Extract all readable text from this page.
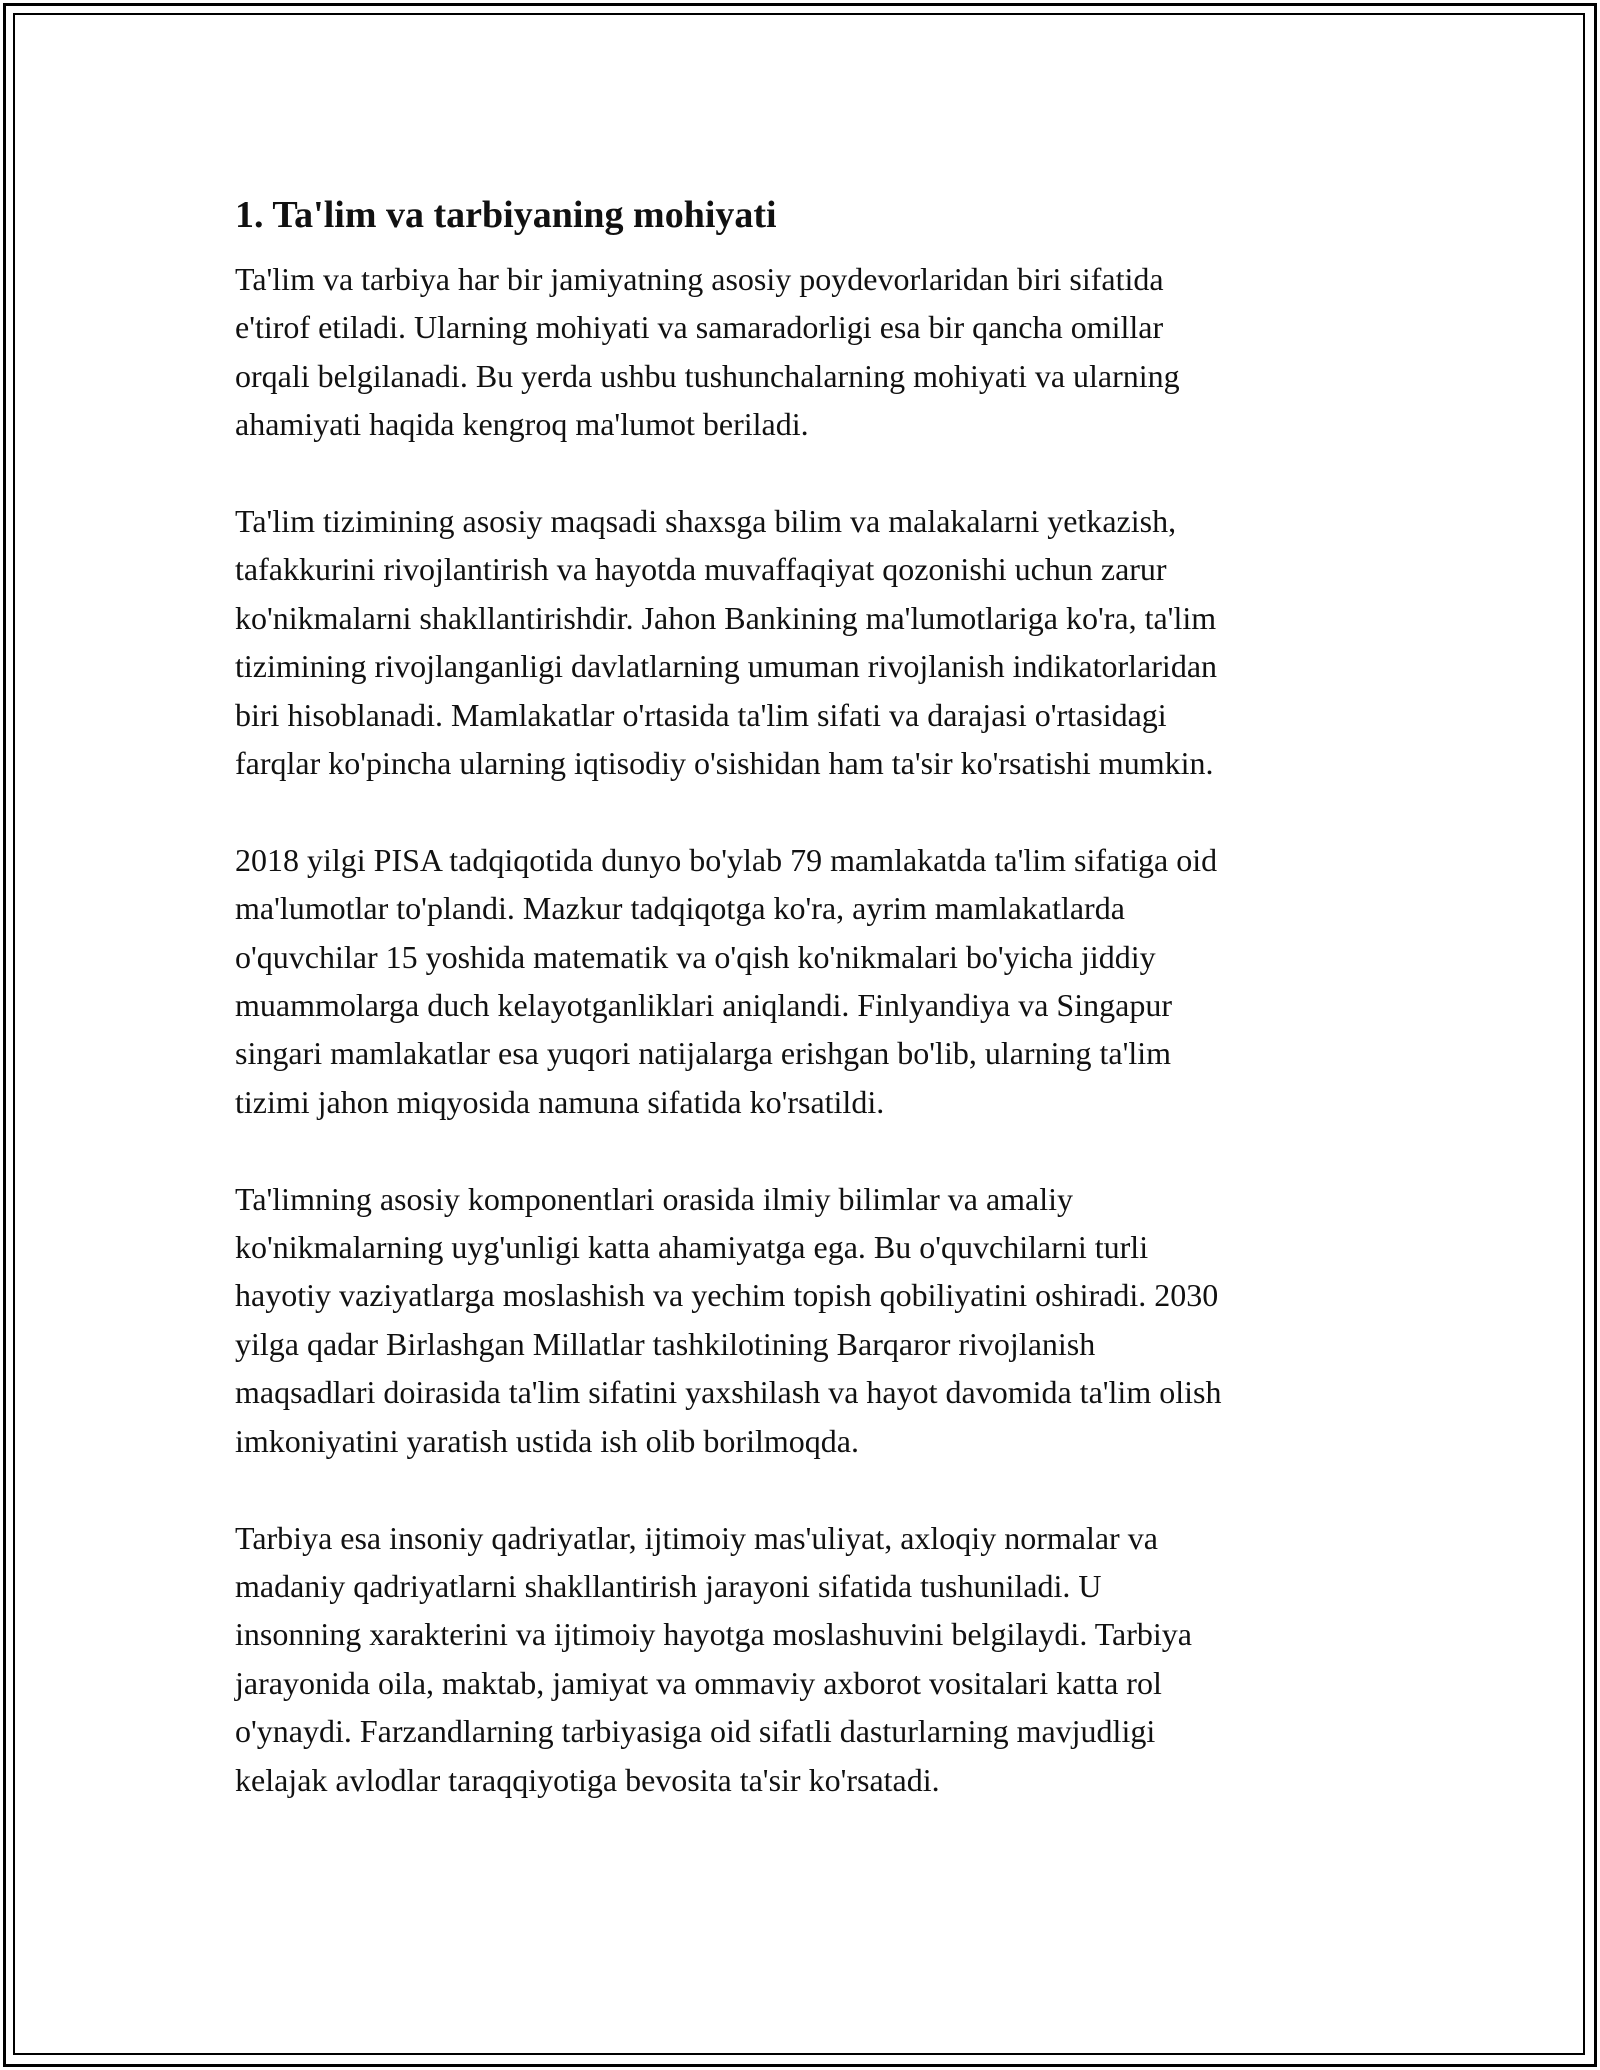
1. Ta'lim va tarbiyaning mohiyati
Ta'lim va tarbiya har bir jamiyatning asosiy poydevorlaridan biri sifatida
e'tirof etiladi. Ularning mohiyati va samaradorligi esa bir qancha omillar
orqali belgilanadi. Bu yerda ushbu tushunchalarning mohiyati va ularning
ahamiyati haqida kengroq ma'lumot beriladi.
Ta'lim tizimining asosiy maqsadi shaxsga bilim va malakalarni yetkazish,
tafakkurini rivojlantirish va hayotda muvaffaqiyat qozonishi uchun zarur
ko'nikmalarni shakllantirishdir. Jahon Bankining ma'lumotlariga ko'ra, ta'lim
tizimining rivojlanganligi davlatlarning umuman rivojlanish indikatorlaridan
biri hisoblanadi. Mamlakatlar o'rtasida ta'lim sifati va darajasi o'rtasidagi
farqlar ko'pincha ularning iqtisodiy o'sishidan ham ta'sir ko'rsatishi mumkin.
2018 yilgi PISA tadqiqotida dunyo bo'ylab 79 mamlakatda ta'lim sifatiga oid
ma'lumotlar to'plandi. Mazkur tadqiqotga ko'ra, ayrim mamlakatlarda
o'quvchilar 15 yoshida matematik va o'qish ko'nikmalari bo'yicha jiddiy
muammolarga duch kelayotganliklari aniqlandi. Finlyandiya va Singapur
singari mamlakatlar esa yuqori natijalarga erishgan bo'lib, ularning ta'lim
tizimi jahon miqyosida namuna sifatida ko'rsatildi.
Ta'limning asosiy komponentlari orasida ilmiy bilimlar va amaliy
ko'nikmalarning uyg'unligi katta ahamiyatga ega. Bu o'quvchilarni turli
hayotiy vaziyatlarga moslashish va yechim topish qobiliyatini oshiradi. 2030
yilga qadar Birlashgan Millatlar tashkilotining Barqaror rivojlanish
maqsadlari doirasida ta'lim sifatini yaxshilash va hayot davomida ta'lim olish
imkoniyatini yaratish ustida ish olib borilmoqda.
Tarbiya esa insoniy qadriyatlar, ijtimoiy mas'uliyat, axloqiy normalar va
madaniy qadriyatlarni shakllantirish jarayoni sifatida tushuniladi. U
insonning xarakterini va ijtimoiy hayotga moslashuvini belgilaydi. Tarbiya
jarayonida oila, maktab, jamiyat va ommaviy axborot vositalari katta rol
o'ynaydi. Farzandlarning tarbiyasiga oid sifatli dasturlarning mavjudligi
kelajak avlodlar taraqqiyotiga bevosita ta'sir ko'rsatadi.
